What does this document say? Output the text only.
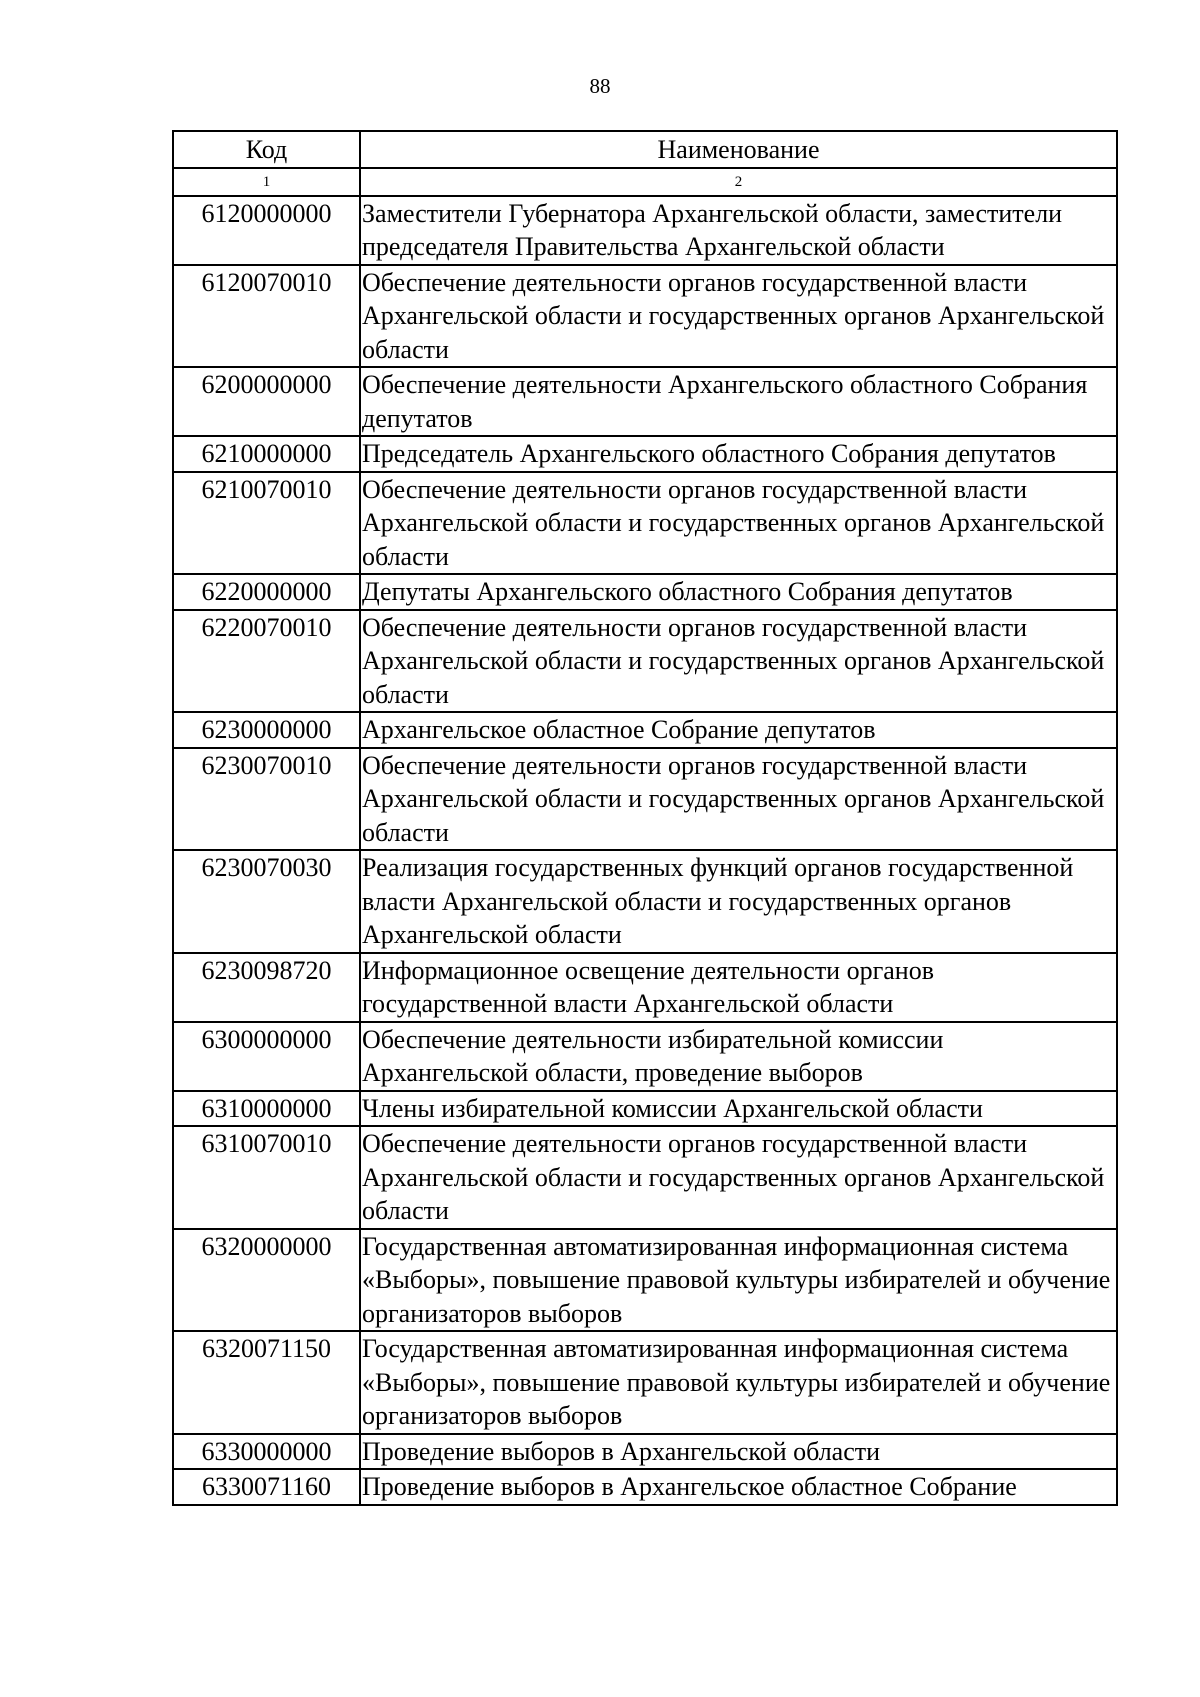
88
Код	Наименование
1	2
6120000000	Заместители Губернатора Архангельской области, заместители председателя Правительства Архангельской области
6120070010	Обеспечение деятельности органов государственной власти Архангельской области и государственных органов Архангельской области
6200000000	Обеспечение деятельности Архангельского областного Собрания депутатов
6210000000	Председатель Архангельского областного Собрания депутатов
6210070010	Обеспечение деятельности органов государственной власти Архангельской области и государственных органов Архангельской области
6220000000	Депутаты Архангельского областного Собрания депутатов
6220070010	Обеспечение деятельности органов государственной власти Архангельской области и государственных органов Архангельской области
6230000000	Архангельское областное Собрание депутатов
6230070010	Обеспечение деятельности органов государственной власти Архангельской области и государственных органов Архангельской области
6230070030	Реализация государственных функций органов государственной власти Архангельской области и государственных органов Архангельской области
6230098720	Информационное освещение деятельности органов государственной власти Архангельской области
6300000000	Обеспечение деятельности избирательной комиссии Архангельской области, проведение выборов
6310000000	Члены избирательной комиссии Архангельской области
6310070010	Обеспечение деятельности органов государственной власти Архангельской области и государственных органов Архангельской области
6320000000	Государственная автоматизированная информационная система «Выборы», повышение правовой культуры избирателей и обучение организаторов выборов
6320071150	Государственная автоматизированная информационная система «Выборы», повышение правовой культуры избирателей и обучение организаторов выборов
6330000000	Проведение выборов в Архангельской области
6330071160	Проведение выборов в Архангельское областное Собрание
